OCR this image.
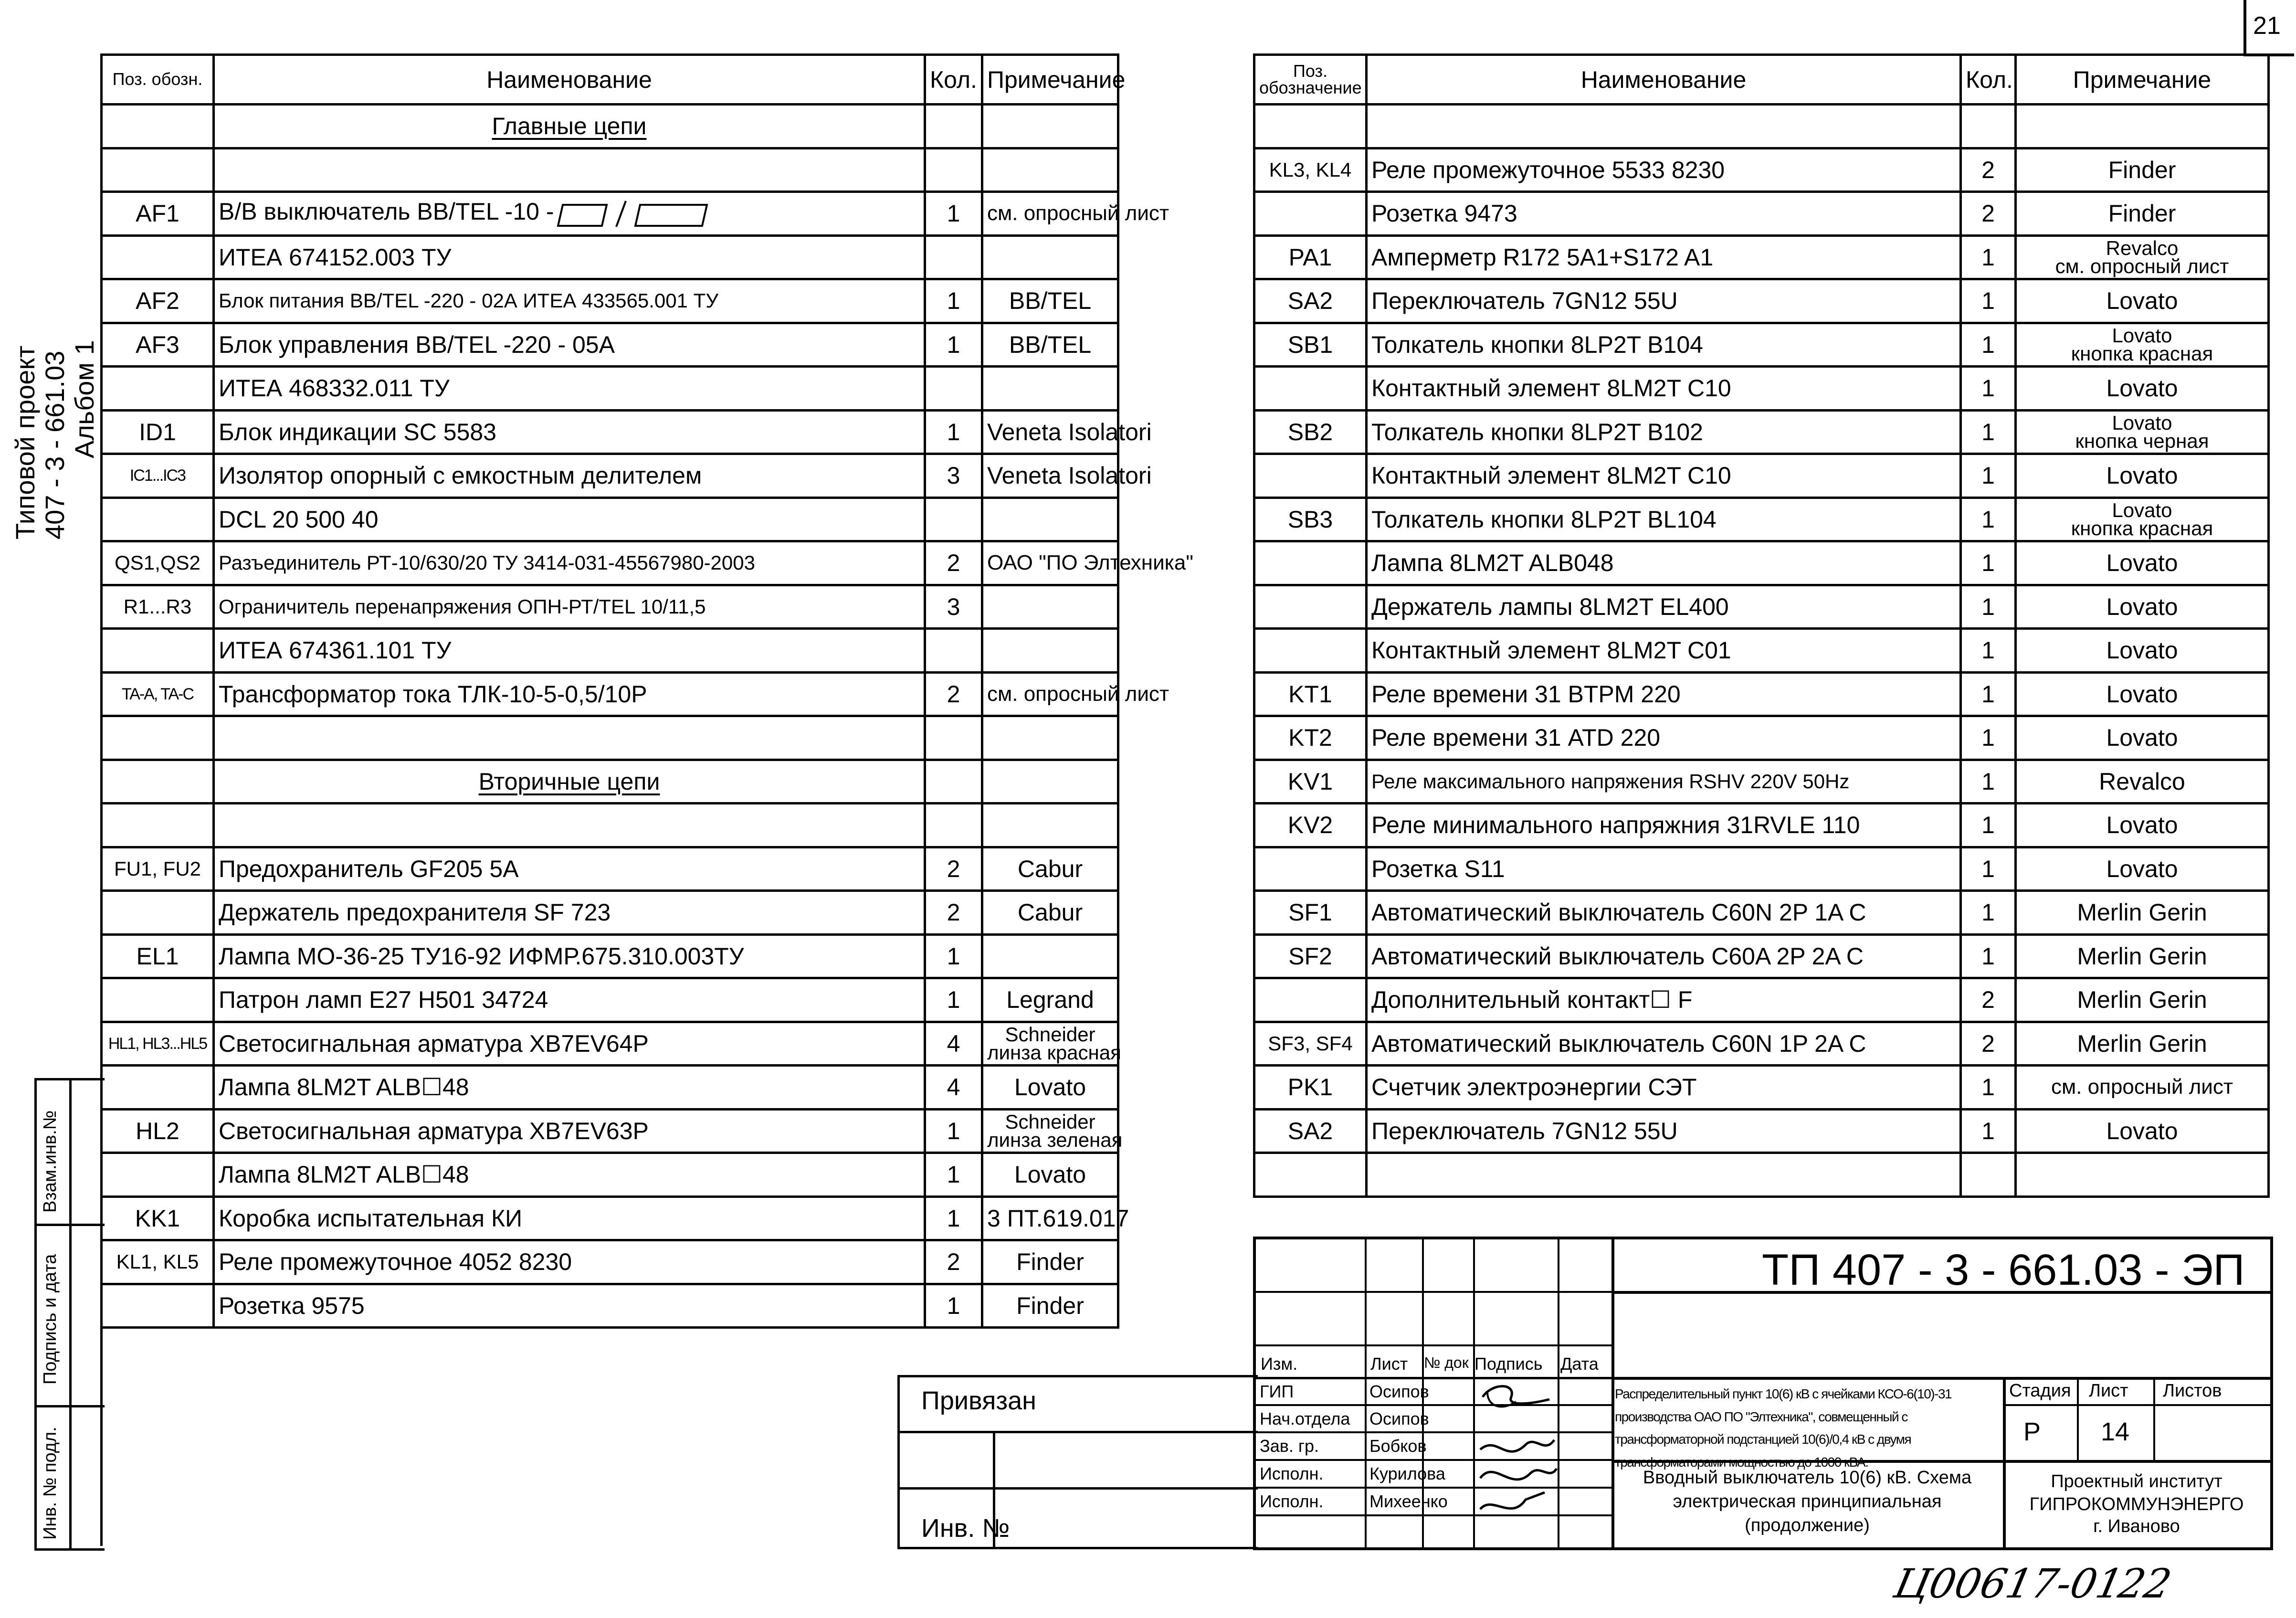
21
Типовой проект 407 - 3 - 661.03 Альбом 1
Взам.инв.№
Подпись и дата
Инв. № подл.
Поз. обозн.	Наименование	Кол.	Примечание
	Главные цепи		

AF1	В/В выключатель ВВ/TEL -10 -	1	см. опросный лист
	ИТЕА 674152.003 ТУ		
AF2	Блок питания ВВ/TEL -220 - 02А ИТЕА 433565.001 ТУ	1	BB/TEL
AF3	Блок управления BB/TEL -220 - 05A	1	BB/TEL
	ИТЕА 468332.011 ТУ		
ID1	Блок индикации SC 5583	1	Veneta Isolatori
IC1...IC3	Изолятор опорный с емкостным делителем	3	Veneta Isolatori
	DCL 20 500 40		
QS1,QS2	Разъединитель РТ-10/630/20 ТУ 3414-031-45567980-2003	2	ОАО "ПО Элтехника"
R1...R3	Ограничитель перенапряжения ОПН-РТ/TEL 10/11,5	3	
	ИТЕА 674361.101 ТУ		
TA-A, TA-C	Трансформатор тока ТЛК-10-5-0,5/10Р	2	см. опросный лист

	Вторичные цепи		

FU1, FU2	Предохранитель GF205 5A	2	Cabur
	Держатель предохранителя SF 723	2	Cabur
EL1	Лампа МО-36-25 ТУ16-92 ИФМР.675.310.003ТУ	1	
	Патрон ламп Е27 H501 34724	1	Legrand
HL1, HL3...HL5	Светосигнальная арматура XB7EV64P	4	Schneider
линза красная

	Лампа 8LM2T ALB☐48	4	Lovato
HL2	Светосигнальная арматура XB7EV63P	1	Schneider
линза зеленая

	Лампа 8LM2T ALB☐48	1	Lovato
KK1	Коробка испытательная КИ	1	3 ПТ.619.017
KL1, KL5	Реле промежуточное 4052 8230	2	Finder
	Розетка 9575	1	Finder
Поз. обозначение	Наименование	Кол.	Примечание

KL3, KL4	Реле промежуточное 5533 8230	2	Finder
	Розетка 9473	2	Finder
PA1	Амперметр R172 5A1+S172 A1	1	Revalco
см. опросный лист

SA2	Переключатель 7GN12 55U	1	Lovato
SB1	Толкатель кнопки 8LP2T B104	1	Lovato
кнопка красная

	Контактный элемент 8LM2T C10	1	Lovato
SB2	Толкатель кнопки 8LP2T B102	1	Lovato
кнопка черная

	Контактный элемент 8LM2T C10	1	Lovato
SB3	Толкатель кнопки 8LP2T BL104	1	Lovato
кнопка красная

	Лампа 8LM2T ALB048	1	Lovato
	Держатель лампы 8LM2T EL400	1	Lovato
	Контактный элемент 8LM2T C01	1	Lovato
KT1	Реле времени 31 BTPM 220	1	Lovato
KT2	Реле времени 31 ATD 220	1	Lovato
KV1	Реле максимального напряжения RSHV 220V 50Hz	1	Revalco
KV2	Реле минимального напряжния 31RVLE 110	1	Lovato
	Розетка S11	1	Lovato
SF1	Автоматический выключатель C60N 2P 1A C	1	Merlin Gerin
SF2	Автоматический выключатель C60A 2P 2A C	1	Merlin Gerin
	Дополнительный контакт☐ F	2	Merlin Gerin
SF3, SF4	Автоматический выключатель C60N 1P 2A C	2	Merlin Gerin
PK1	Счетчик электроэнергии СЭТ	1	см. опросный лист
SA2	Переключатель 7GN12 55U	1	Lovato

Привязан
Инв. №
Изм.	Лист № док Подпись Дата
ГИП	Осипов
Нач.отдела Осипов
Зав. гр.	Бобков
Исполн.	Курилова
Исполн.	Михеенко
ТП 407 - 3 - 661.03 - ЭП
Распределительный пункт 10(6) кВ с ячейками КСО-6(10)-31 производства ОАО ПО "Элтехника", совмещенный с трансформаторной подстанцией 10(6)/0,4 кВ с двумя трансформаторами мощностью до 1000 кВА.
Вводный выключатель 10(6) кВ. Схема
электрическая принципиальная
(продолжение)
Стадия Лист Листов
Р 14
Проектный институт
ГИПРОКОММУНЭНЕРГО
г. Иваново
Ц00617-01
22
